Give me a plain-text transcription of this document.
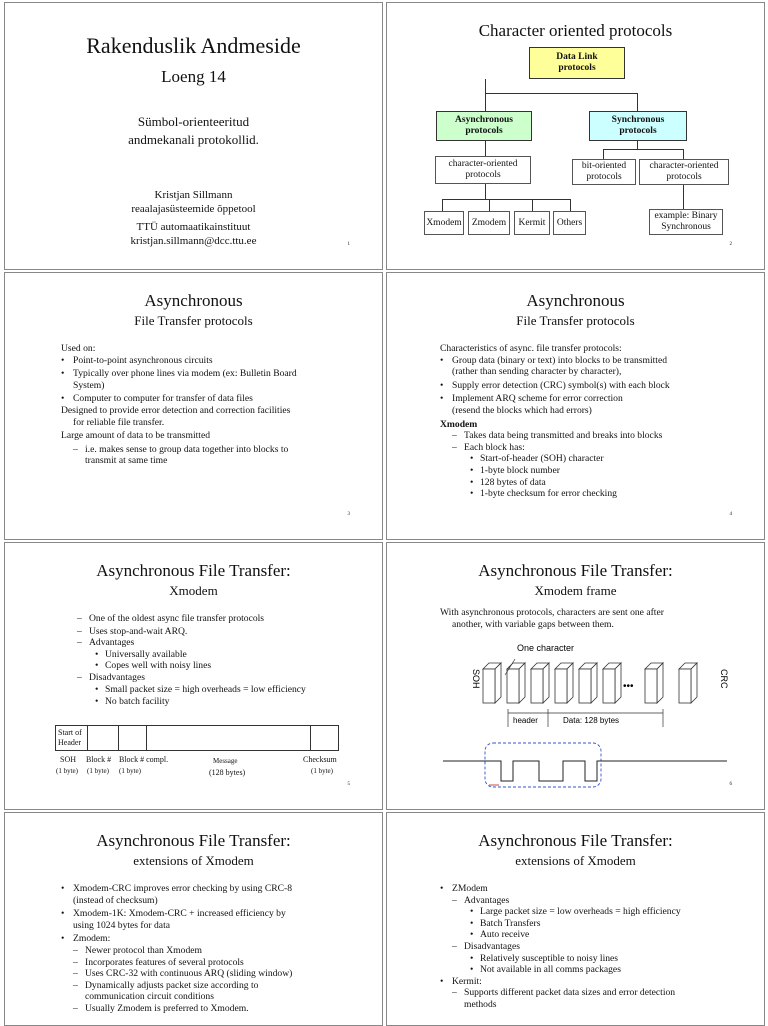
Rakenduslik Andmeside
Loeng 14
Sümbol-orienteeritud
andmekanali protokollid.
Kristjan Sillmann
reaalajasüsteemide õppetool
TTÜ automaatikainstituut
kristjan.sillmann@dcc.ttu.ee	1
Character oriented protocols
Data Link
protocols
Asynchronous
protocols
Synchronous
protocols
character-oriented
protocols
bit-oriented
protocols
character-oriented
protocols
Xmodem	Zmodem	Kermit	Others
example: Binary
Synchronous
2
Asynchronous
File Transfer protocols
Used on:
• Point-to-point asynchronous circuits
• Typically over phone lines via modem (ex: Bulletin Board
System)
• Computer to computer for transfer of data files
Designed to provide error detection and correction facilities
for reliable file transfer.
Large amount of data to be transmitted
– i.e. makes sense to group data together into blocks to
transmit at same time
3
Asynchronous
File Transfer protocols
Characteristics of async. file transfer protocols:
• Group data (binary or text) into blocks to be transmitted
(rather than sending character by character),
• Supply error detection (CRC) symbol(s) with each block
• Implement ARQ scheme for error correction
(resend the blocks which had errors)
Xmodem
– Takes data being transmitted and breaks into blocks
– Each block has:
• Start-of-header (SOH) character
• 1-byte block number
• 128 bytes of data
• 1-byte checksum for error checking
4
Asynchronous File Transfer:
Xmodem
– One of the oldest async file transfer protocols
– Uses stop-and-wait ARQ.
– Advantages
• Universally available
• Copes well with noisy lines
– Disadvantages
• Small packet size = high overheads = low efficiency
• No batch facility
Start of
Header
SOH
(1 byte)
Block #
(1 byte)
Block # compl.
(1 byte)
Message
(128 bytes)
Checksum
(1 byte)
5
Asynchronous File Transfer:
Xmodem frame
With asynchronous protocols, characters are sent one after
another, with variable gaps between them.
One character
SOH	CRC
•••
header	Data: 128 bytes
6
Asynchronous File Transfer:
extensions of Xmodem
• Xmodem-CRC improves error checking by using CRC-8
(instead of checksum)
• Xmodem-1K: Xmodem-CRC + increased efficiency by
using 1024 bytes for data
• Zmodem:
– Newer protocol than Xmodem
– Incorporates features of several protocols
– Uses CRC-32 with continuous ARQ (sliding window)
– Dynamically adjusts packet size according to
communication circuit conditions
– Usually Zmodem is preferred to Xmodem.
Asynchronous File Transfer:
extensions of Xmodem
• ZModem
– Advantages
• Large packet size = low overheads = high efficiency
• Batch Transfers
• Auto receive
– Disadvantages
• Relatively susceptible to noisy lines
• Not available in all comms packages
• Kermit:
– Supports different packet data sizes and error detection
methods
